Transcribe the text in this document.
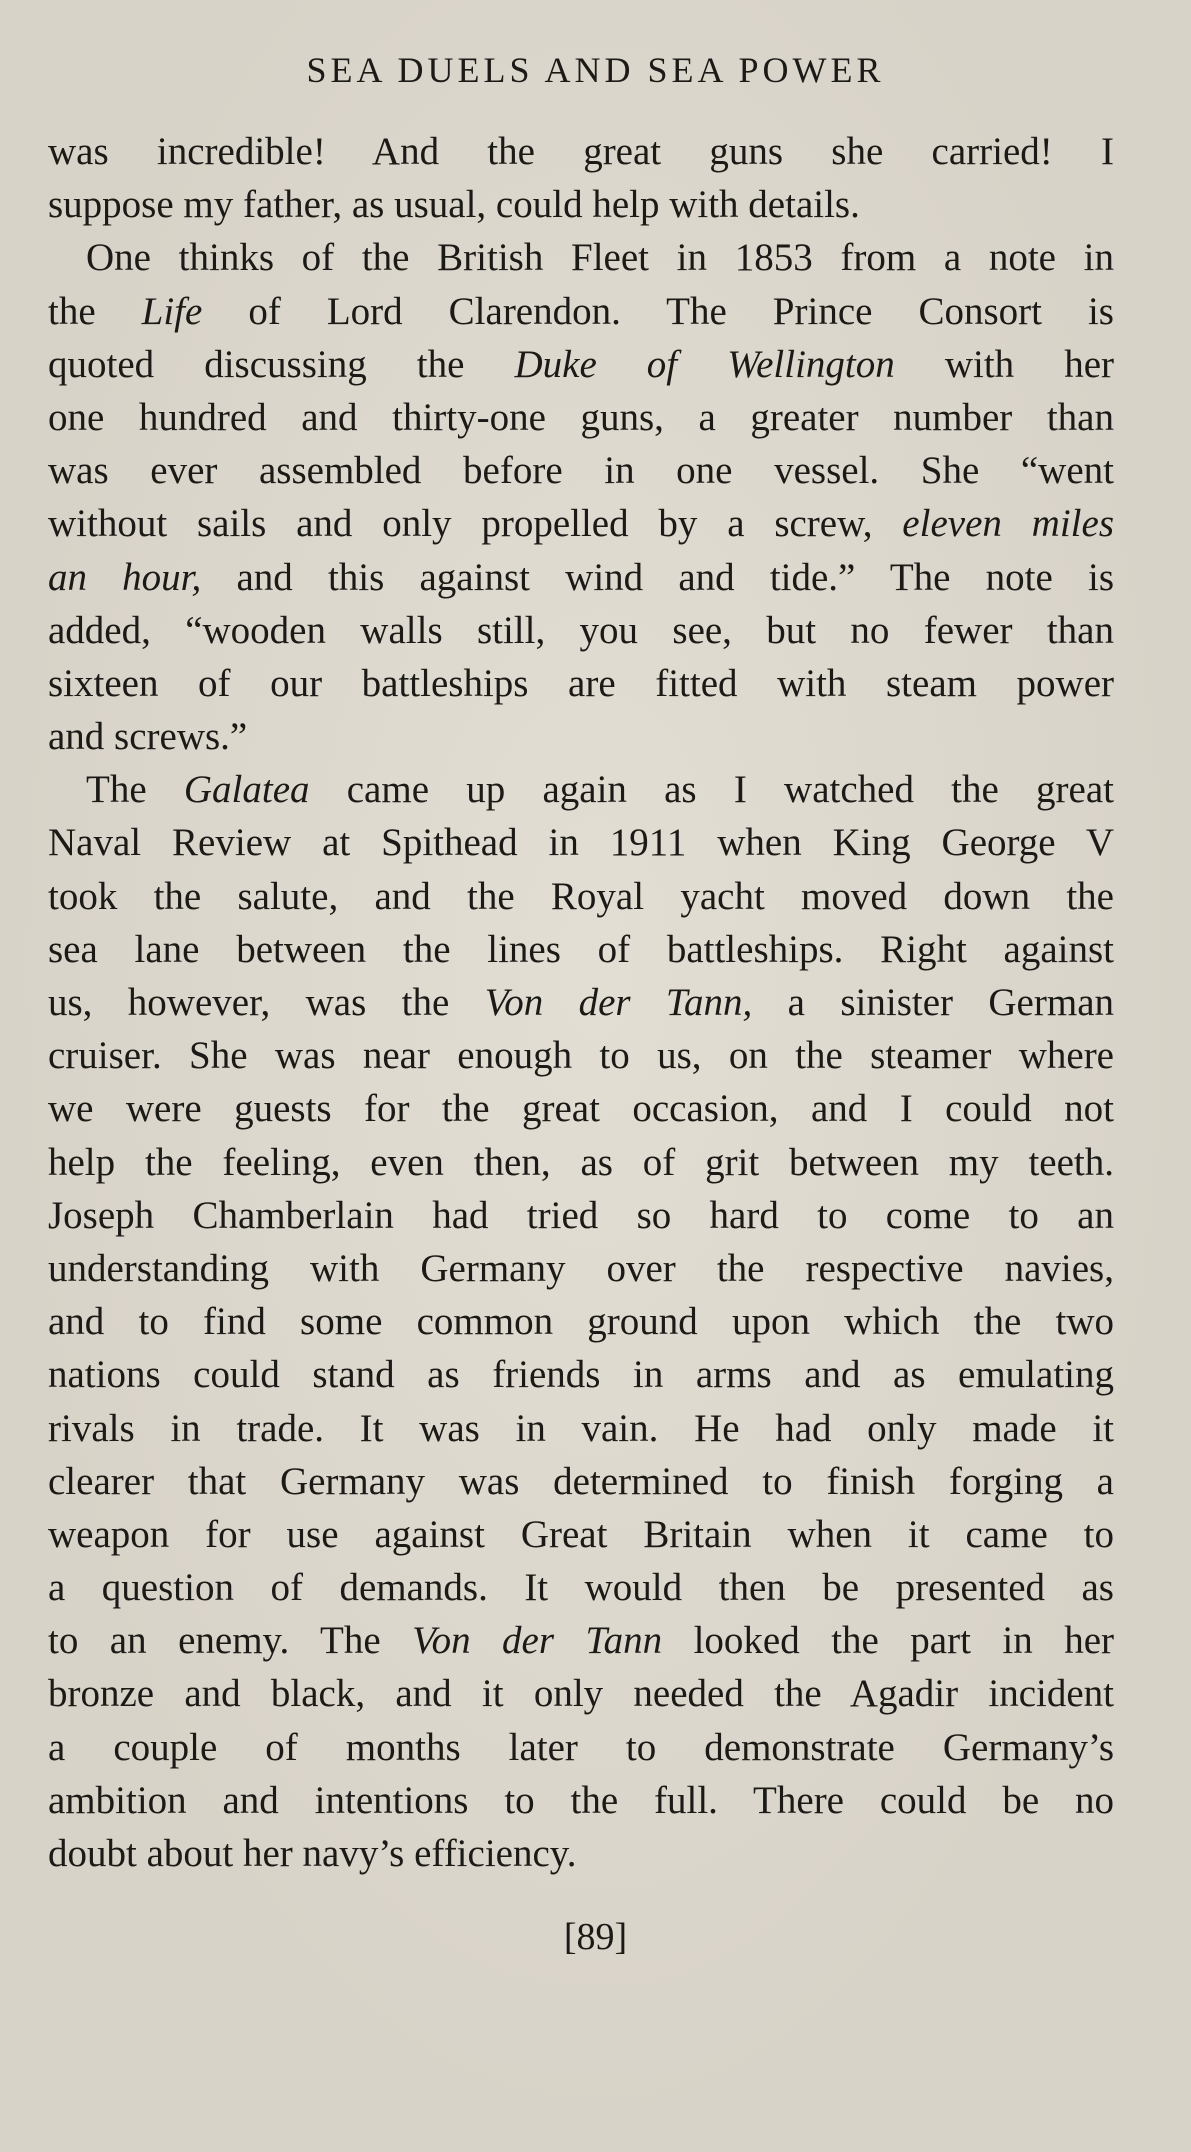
SEA DUELS AND SEA POWER
was incredible! And the great guns she carried! I
suppose my father, as usual, could help with details.
One thinks of the British Fleet in 1853 from a note in
the Life of Lord Clarendon. The Prince Consort is
quoted discussing the Duke of Wellington with her
one hundred and thirty-one guns, a greater number than
was ever assembled before in one vessel. She “went
without sails and only propelled by a screw, eleven miles
an hour, and this against wind and tide.” The note is
added, “wooden walls still, you see, but no fewer than
sixteen of our battleships are fitted with steam power
and screws.”
The Galatea came up again as I watched the great
Naval Review at Spithead in 1911 when King George V
took the salute, and the Royal yacht moved down the
sea lane between the lines of battleships. Right against
us, however, was the Von der Tann, a sinister German
cruiser. She was near enough to us, on the steamer where
we were guests for the great occasion, and I could not
help the feeling, even then, as of grit between my teeth.
Joseph Chamberlain had tried so hard to come to an
understanding with Germany over the respective navies,
and to find some common ground upon which the two
nations could stand as friends in arms and as emulating
rivals in trade. It was in vain. He had only made it
clearer that Germany was determined to finish forging a
weapon for use against Great Britain when it came to
a question of demands. It would then be presented as
to an enemy. The Von der Tann looked the part in her
bronze and black, and it only needed the Agadir incident
a couple of months later to demonstrate Germany’s
ambition and intentions to the full. There could be no
doubt about her navy’s efficiency.
[89]
